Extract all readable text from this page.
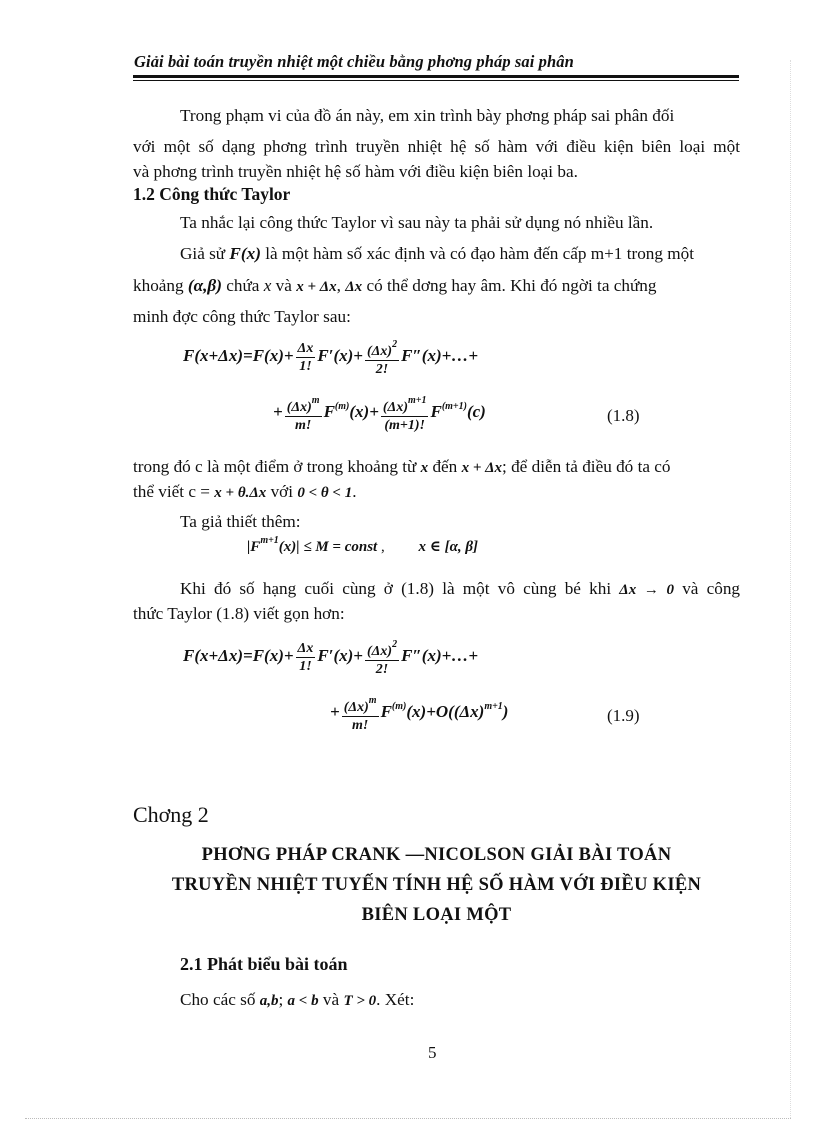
Giải bài toán truyền nhiệt một chiều bằng phơng pháp sai phân
Trong phạm vi của đồ án này, em xin trình bày phơng pháp sai phân đối
với một số dạng phơng trình truyền nhiệt hệ số hàm với điều kiện biên loại một
và phơng trình truyền nhiệt hệ số hàm với điều kiện biên loại ba.
1.2 Công thức Taylor
Ta nhắc lại công thức Taylor vì sau này ta phải sử dụng nó nhiều lần.
Giả sử F(x) là một hàm số xác định và có đạo hàm đến cấp m+1 trong một
khoảng (α,β) chứa x và x + Δx, Δx có thể dơng hay âm. Khi đó ngời ta chứng
minh đợc công thức Taylor sau:
$F(x+\Delta x)=F(x)+ \frac{\Delta x}{1!} F'(x)+ \frac{(\Delta x)^2}{2!}$ F″(x)+…+
+ $\frac{(\Delta x)^m}{m!} F^{(m)}(x)+ \frac{(\Delta x)^{m+1}}{(m+1)!} F^{(m+1)}(c)$	(1.8)
trong đó c là một điểm ở trong khoảng từ x đến x + Δx; để diễn tả điều đó ta có
thể viết c = x + θ.Δx với 0 < θ < 1.
Ta giả thiết thêm:
$|F^{m+1}(x)| \le M$ = const , x ∈ [α, β]
Khi đó số hạng cuối cùng ở (1.8) là một vô cùng bé khi Δx → 0 và công
thức Taylor (1.8) viết gọn hơn:
$F(x+\Delta x)=F(x)+ \frac{\Delta x}{1!} F'(x)+ \frac{(\Delta x)^2}{2!}$ F″(x)+…+
+ $\frac{(\Delta x)^m}{m!} F^{(m)}(x)+O((\Delta x)^{m+1})$	(1.9)
Chơng 2
PHƠNG PHÁP CRANK —NICOLSON GIẢI BÀI TOÁN
TRUYỀN NHIỆT TUYẾN TÍNH HỆ SỐ HÀM VỚI ĐIỀU KIỆN
BIÊN LOẠI MỘT
2.1 Phát biểu bài toán
Cho các số a,b; a < b và T > 0. Xét:
5
